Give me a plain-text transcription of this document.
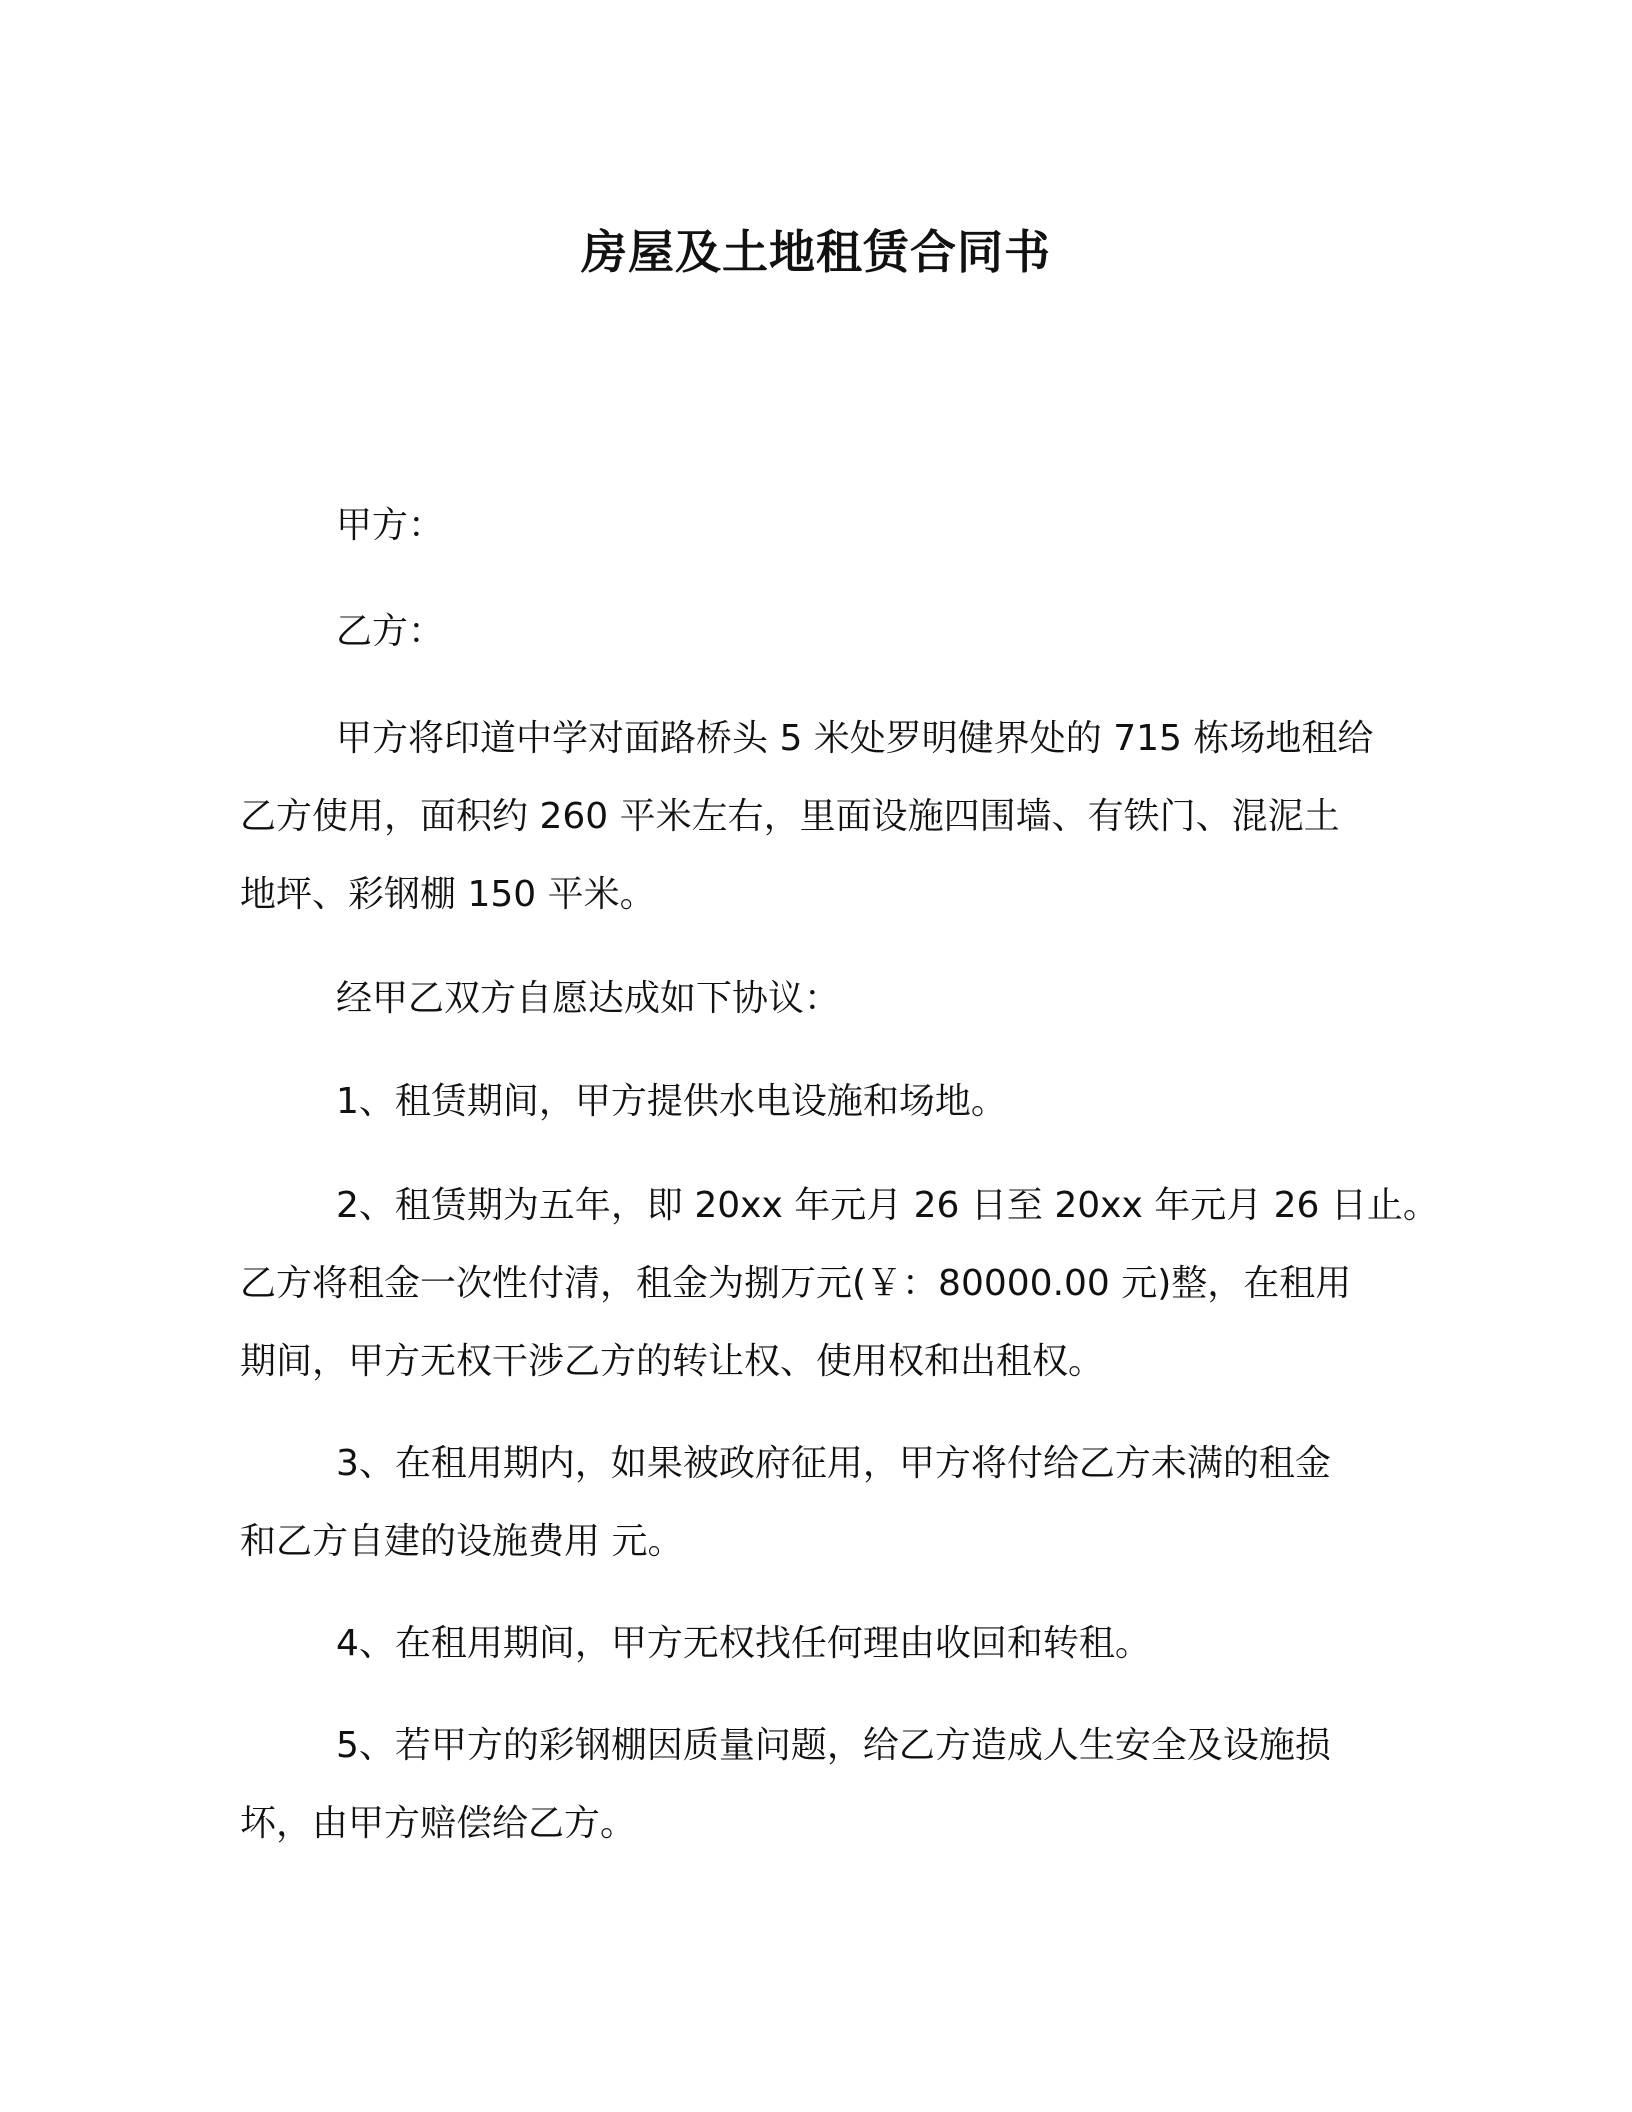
房屋及土地租赁合同书

甲方：

乙方：

甲方将印道中学对面路桥头 5 米处罗明健界处的 715 栋场地租给
乙方使用，面积约 260 平米左右，里面设施四围墙、有铁门、混泥土
地坪、彩钢棚 150 平米。

经甲乙双方自愿达成如下协议：

1、租赁期间，甲方提供水电设施和场地。

2、租赁期为五年，即 20xx 年元月 26 日至 20xx 年元月 26 日止。
乙方将租金一次性付清，租金为捌万元(￥：80000.00 元)整，在租用
期间，甲方无权干涉乙方的转让权、使用权和出租权。

3、在租用期内，如果被政府征用，甲方将付给乙方未满的租金
和乙方自建的设施费用 元。

4、在租用期间，甲方无权找任何理由收回和转租。

5、若甲方的彩钢棚因质量问题，给乙方造成人生安全及设施损
坏，由甲方赔偿给乙方。
